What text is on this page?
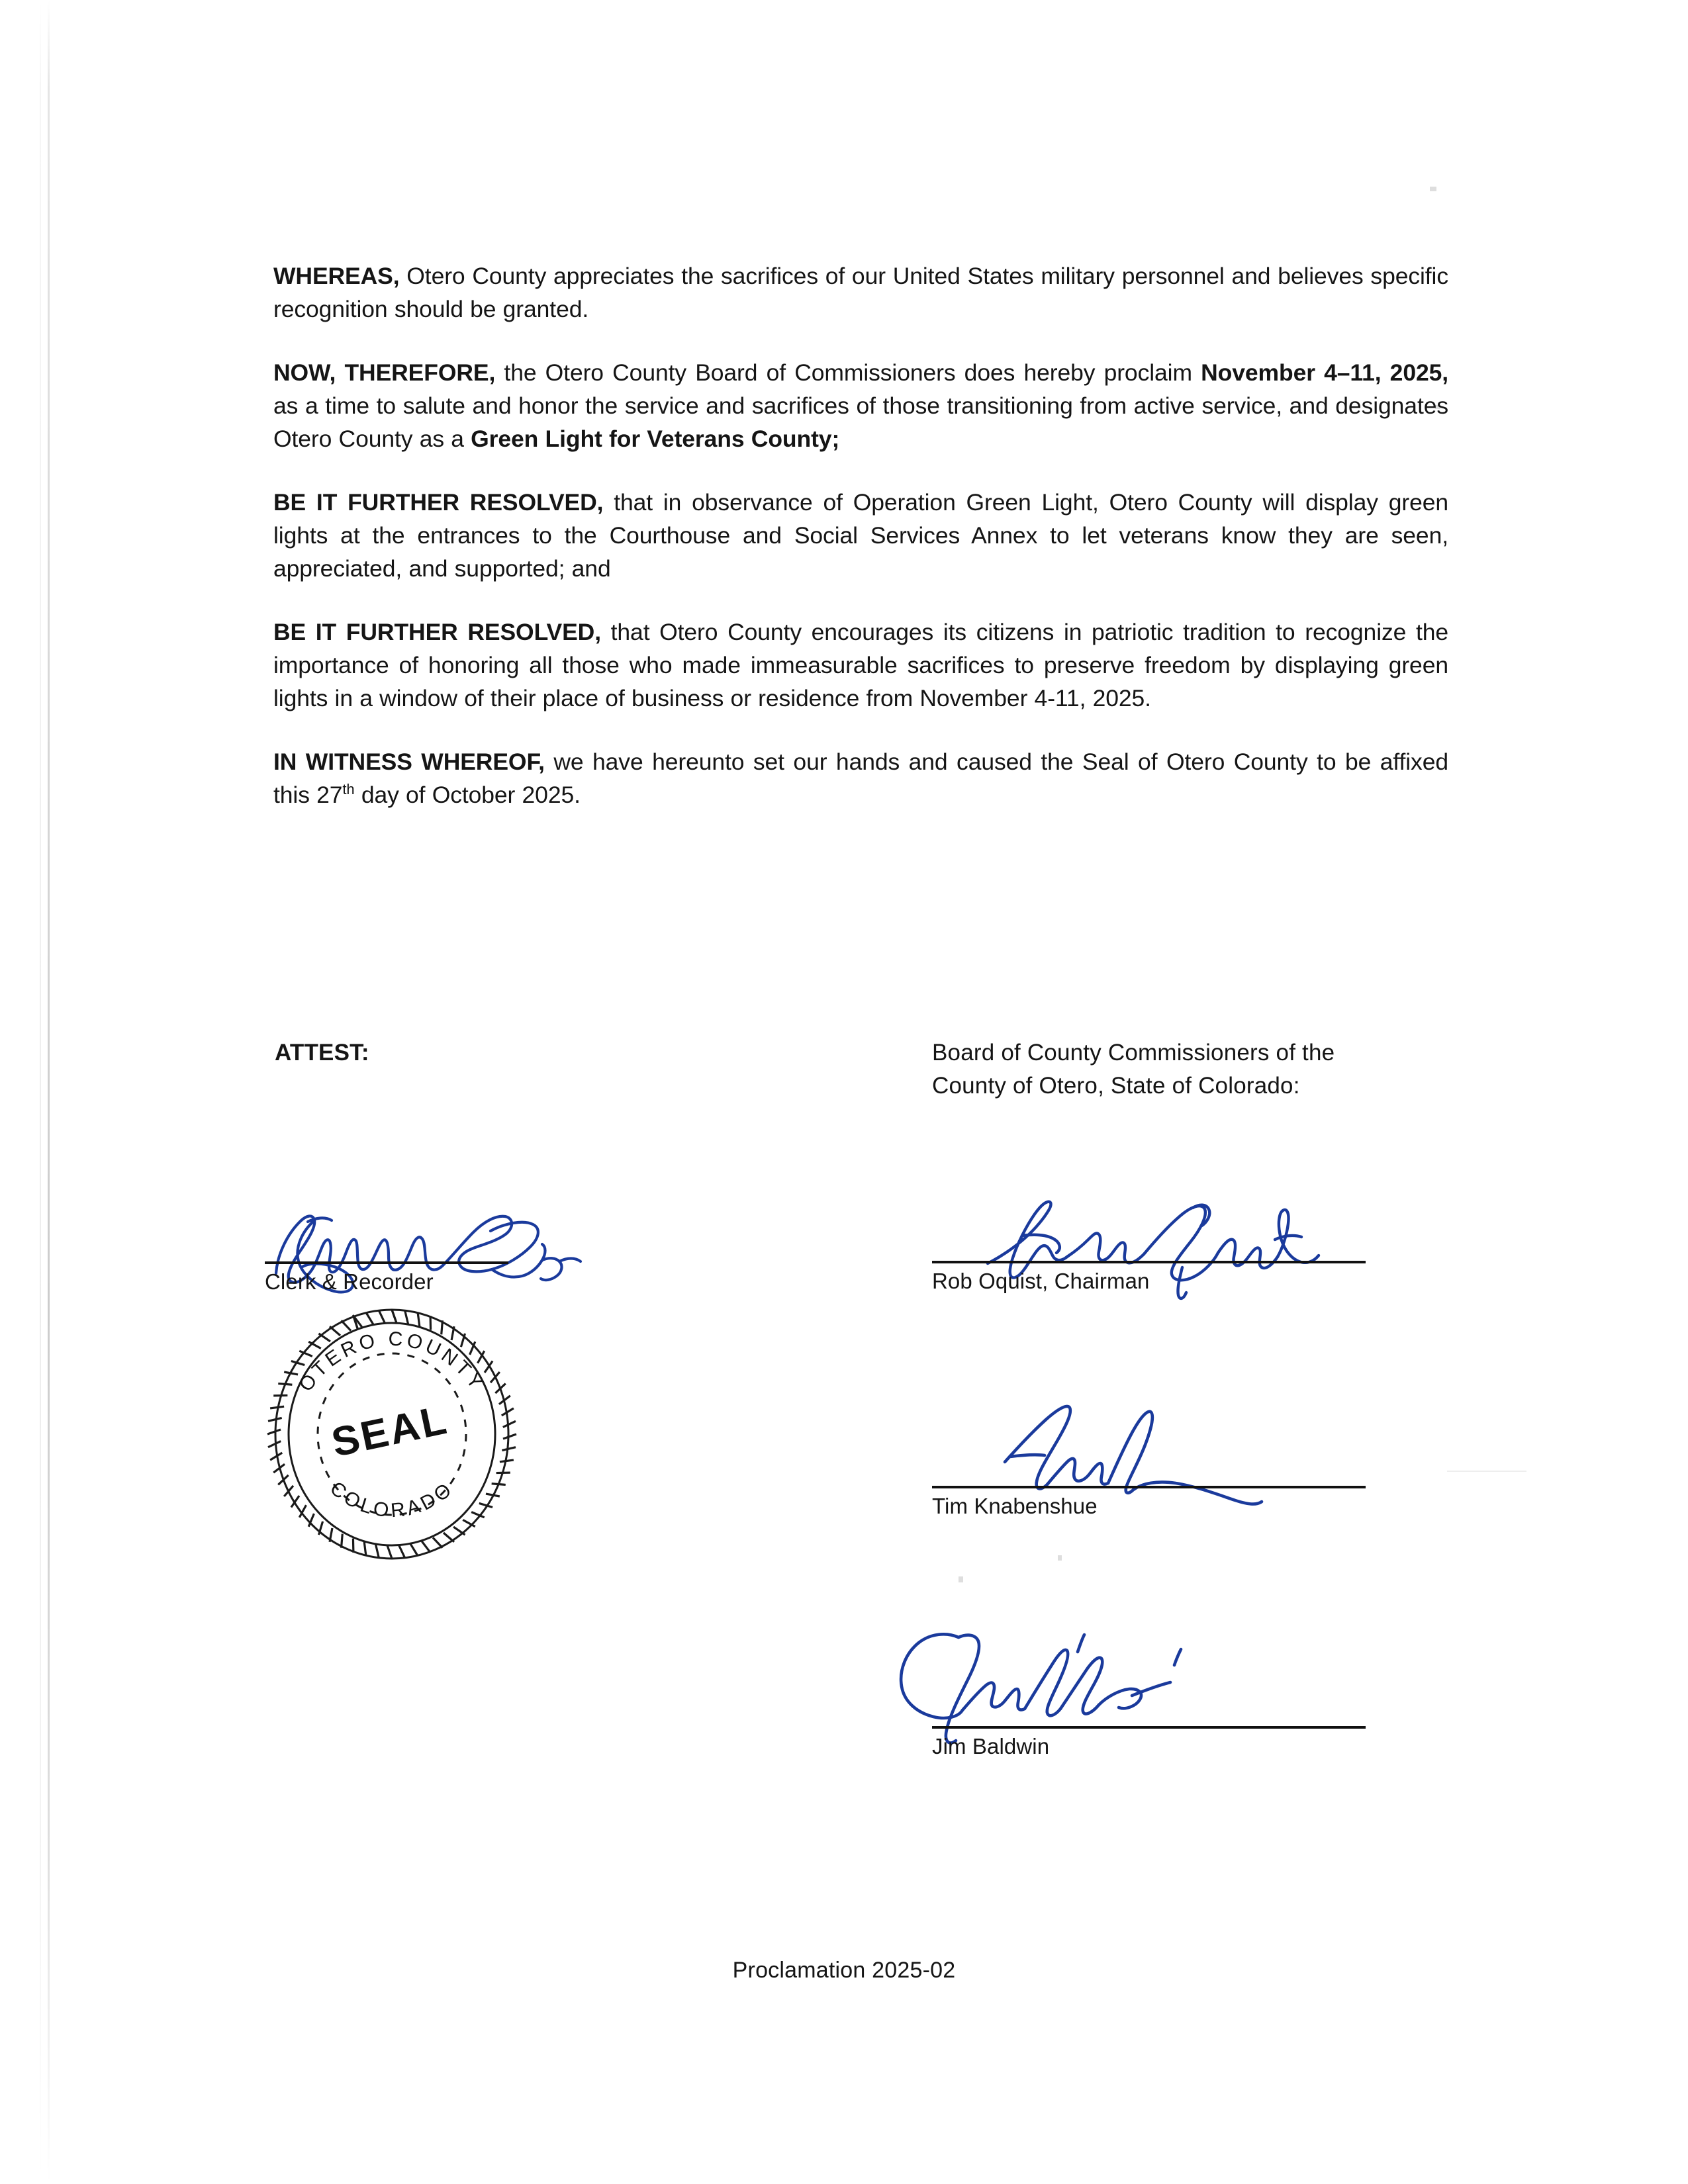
WHEREAS, Otero County appreciates the sacrifices of our United States military personnel and believes specific recognition should be granted.

NOW, THEREFORE, the Otero County Board of Commissioners does hereby proclaim November 4–11, 2025, as a time to salute and honor the service and sacrifices of those transitioning from active service, and designates Otero County as a Green Light for Veterans County;

BE IT FURTHER RESOLVED, that in observance of Operation Green Light, Otero County will display green lights at the entrances to the Courthouse and Social Services Annex to let veterans know they are seen, appreciated, and supported; and

BE IT FURTHER RESOLVED, that Otero County encourages its citizens in patriotic tradition to recognize the importance of honoring all those who made immeasurable sacrifices to preserve freedom by displaying green lights in a window of their place of business or residence from November 4-11, 2025.

IN WITNESS WHEREOF, we have hereunto set our hands and caused the Seal of Otero County to be affixed this 27th day of October 2025.

ATTEST:	Board of County Commissioners of the
County of Otero, State of Colorado:
Clerk & Recorder	Rob Oquist, Chairman
Tim Knabenshue
Jim Baldwin
OTERO COUNTY
COLORADO
SEAL
Proclamation 2025-02
